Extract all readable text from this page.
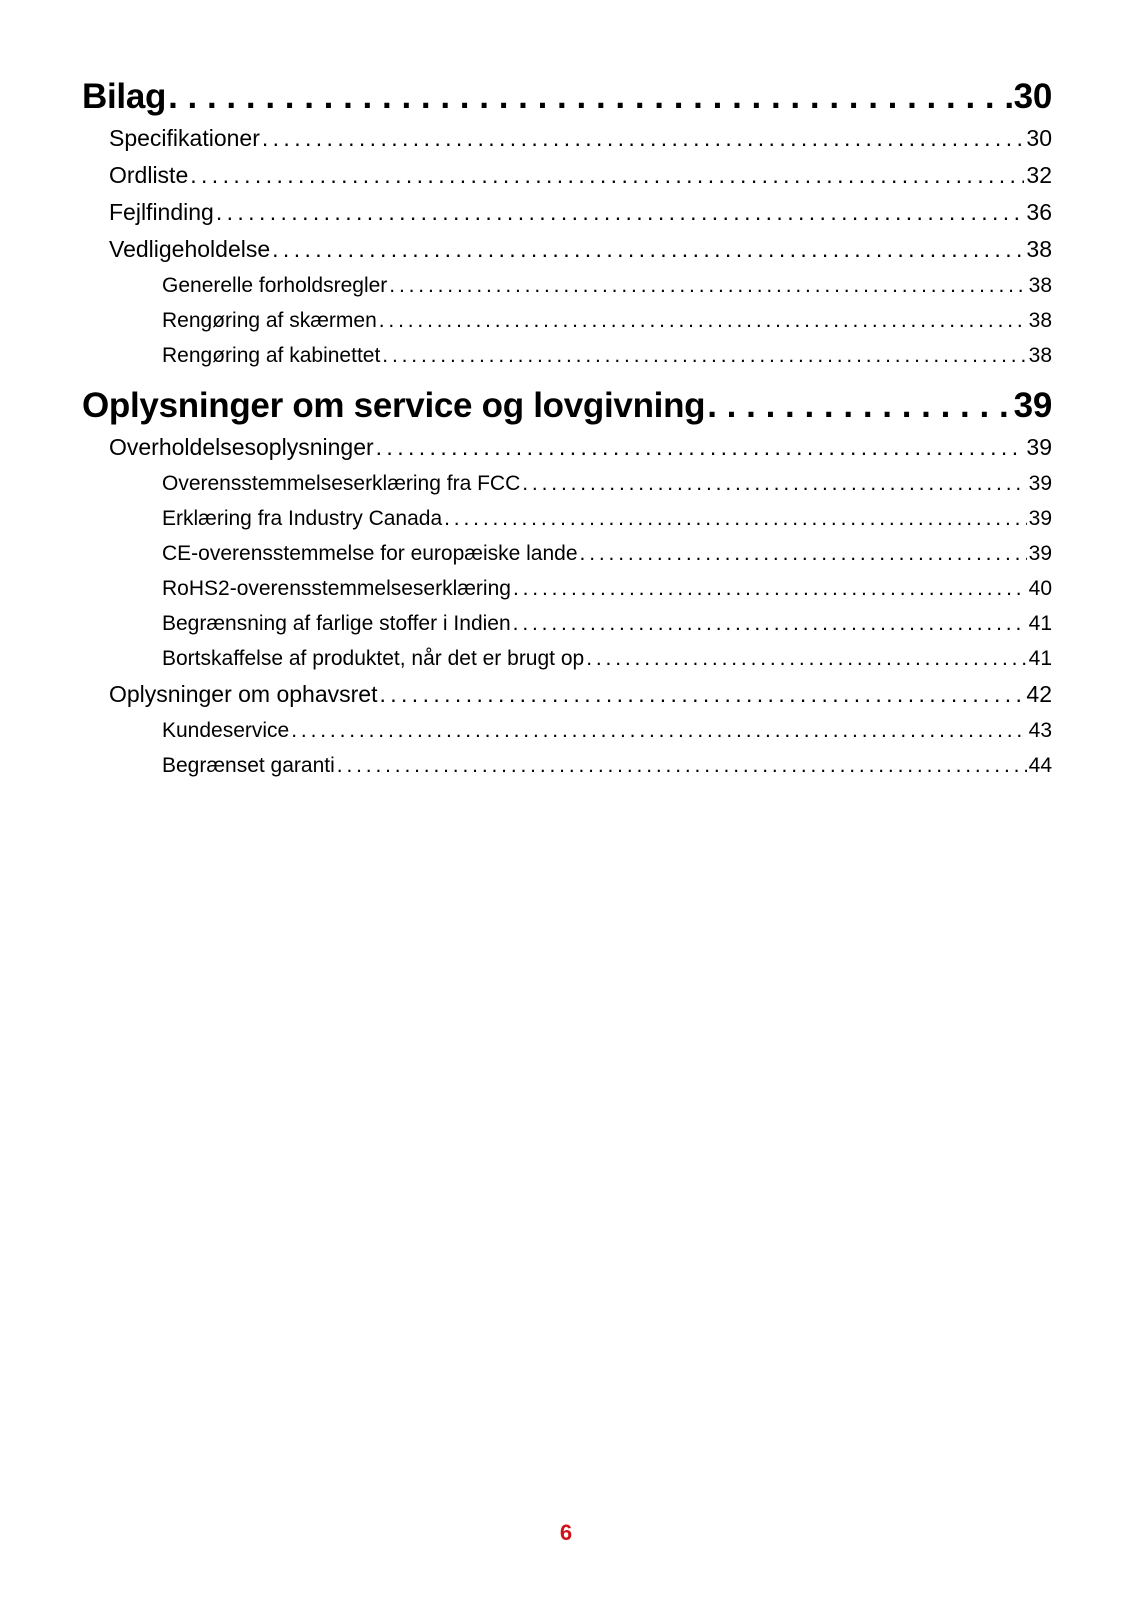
Bilag . . .	30
Specifikationer . . .	30
Ordliste . . .	32
Fejlfinding . . .	36
Vedligeholdelse . . .	38
Generelle forholdsregler . . .	38
Rengøring af skærmen . . .	38
Rengøring af kabinettet . . .	38
Oplysninger om service og lovgivning . . .	39
Overholdelsesoplysninger . . .	39
Overensstemmelseserklæring fra FCC . . .	39
Erklæring fra Industry Canada . . .	39
CE-overensstemmelse for europæiske lande . . .	39
RoHS2-overensstemmelseserklæring . . .	40
Begrænsning af farlige stoffer i Indien . . .	41
Bortskaffelse af produktet, når det er brugt op . . .	41
Oplysninger om ophavsret . . .	42
Kundeservice . . .	43
Begrænset garanti . . .	44
6
